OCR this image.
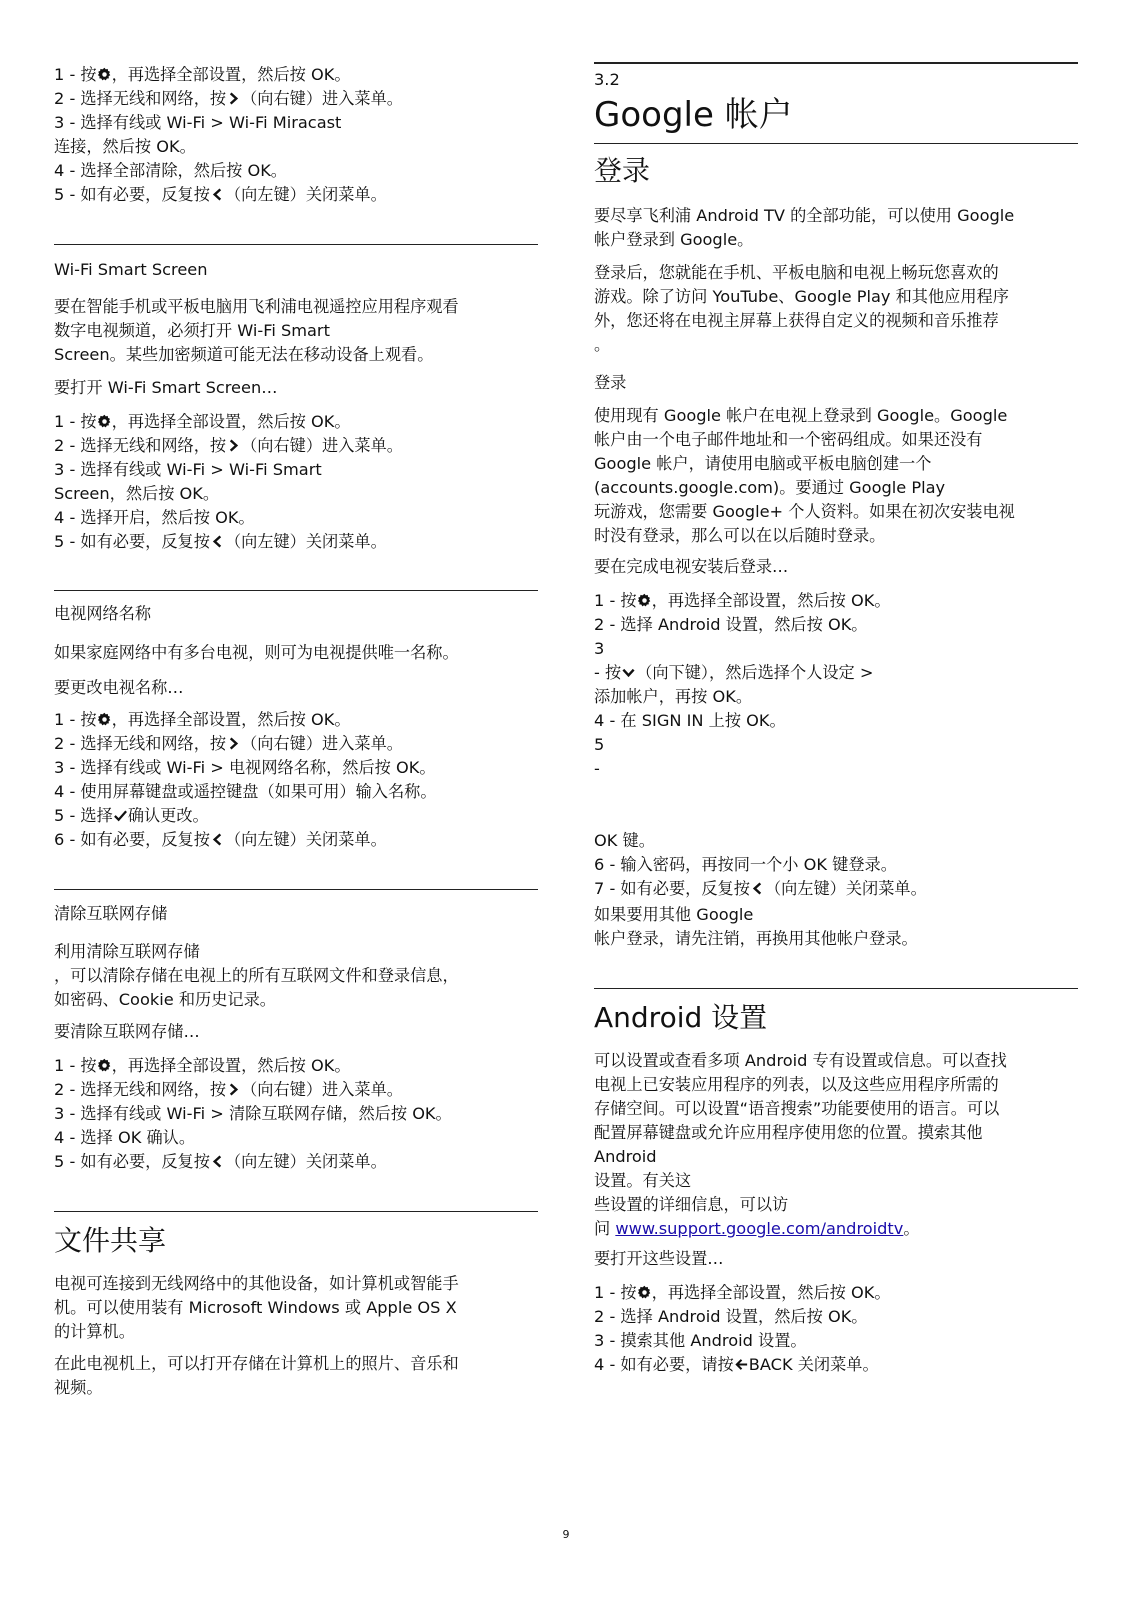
1 - 按 ，再选择全部设置，然后按 OK。
2 - 选择无线和网络，按 （向右键）进入菜单。
3 - 选择有线或 Wi-Fi > Wi-Fi Miracast
连接，然后按 OK。
4 - 选择全部清除，然后按 OK。
5 - 如有必要，反复按 （向左键）关闭菜单。
Wi-Fi Smart Screen
要在智能手机或平板电脑用飞利浦电视遥控应用程序观看
数字电视频道，必须打开 Wi-Fi Smart
Screen。某些加密频道可能无法在移动设备上观看。
要打开 Wi-Fi Smart Screen…
1 - 按 ，再选择全部设置，然后按 OK。
2 - 选择无线和网络，按 （向右键）进入菜单。
3 - 选择有线或 Wi-Fi > Wi-Fi Smart
Screen，然后按 OK。
4 - 选择开启，然后按 OK。
5 - 如有必要，反复按 （向左键）关闭菜单。
电视网络名称
如果家庭网络中有多台电视，则可为电视提供唯一名称。
要更改电视名称…
1 - 按 ，再选择全部设置，然后按 OK。
2 - 选择无线和网络，按 （向右键）进入菜单。
3 - 选择有线或 Wi-Fi > 电视网络名称，然后按 OK。
4 - 使用屏幕键盘或遥控键盘（如果可用）输入名称。
5 - 选择 确认更改。
6 - 如有必要，反复按 （向左键）关闭菜单。
清除互联网存储
利用清除互联网存储
，可以清除存储在电视上的所有互联网文件和登录信息，
如密码、Cookie 和历史记录。
要清除互联网存储…
1 - 按 ，再选择全部设置，然后按 OK。
2 - 选择无线和网络，按 （向右键）进入菜单。
3 - 选择有线或 Wi-Fi > 清除互联网存储，然后按 OK。
4 - 选择 OK 确认。
5 - 如有必要，反复按 （向左键）关闭菜单。
文件共享
电视可连接到无线网络中的其他设备，如计算机或智能手
机。可以使用装有 Microsoft Windows 或 Apple OS X
的计算机。
在此电视机上，可以打开存储在计算机上的照片、音乐和
视频。
3.2
Google 帐户
登录
要尽享飞利浦 Android TV 的全部功能，可以使用 Google
帐户登录到 Google。
登录后，您就能在手机、平板电脑和电视上畅玩您喜欢的
游戏。除了访问 YouTube、Google Play 和其他应用程序
外，您还将在电视主屏幕上获得自定义的视频和音乐推荐
。
登录
使用现有 Google 帐户在电视上登录到 Google。Google
帐户由一个电子邮件地址和一个密码组成。如果还没有
Google 帐户，请使用电脑或平板电脑创建一个
(accounts.google.com)。要通过 Google Play
玩游戏，您需要 Google+ 个人资料。如果在初次安装电视
时没有登录，那么可以在以后随时登录。
要在完成电视安装后登录…
1 - 按 ，再选择全部设置，然后按 OK。
2 - 选择 Android 设置，然后按 OK。
3
- 按 （向下键），然后选择个人设定 >
添加帐户，再按 OK。
4 - 在 SIGN IN 上按 OK。
5
-
OK 键。
6 - 输入密码，再按同一个小 OK 键登录。
7 - 如有必要，反复按 （向左键）关闭菜单。
如果要用其他 Google
帐户登录，请先注销，再换用其他帐户登录。
Android 设置
可以设置或查看多项 Android 专有设置或信息。可以查找
电视上已安装应用程序的列表，以及这些应用程序所需的
存储空间。可以设置“语音搜索”功能要使用的语言。可以
配置屏幕键盘或允许应用程序使用您的位置。摸索其他
Android
设置。有关这
些设置的详细信息，可以访
问 www.support.google.com/androidtv。
要打开这些设置…
1 - 按 ，再选择全部设置，然后按 OK。
2 - 选择 Android 设置，然后按 OK。
3 - 摸索其他 Android 设置。
4 - 如有必要，请按 BACK 关闭菜单。
9
